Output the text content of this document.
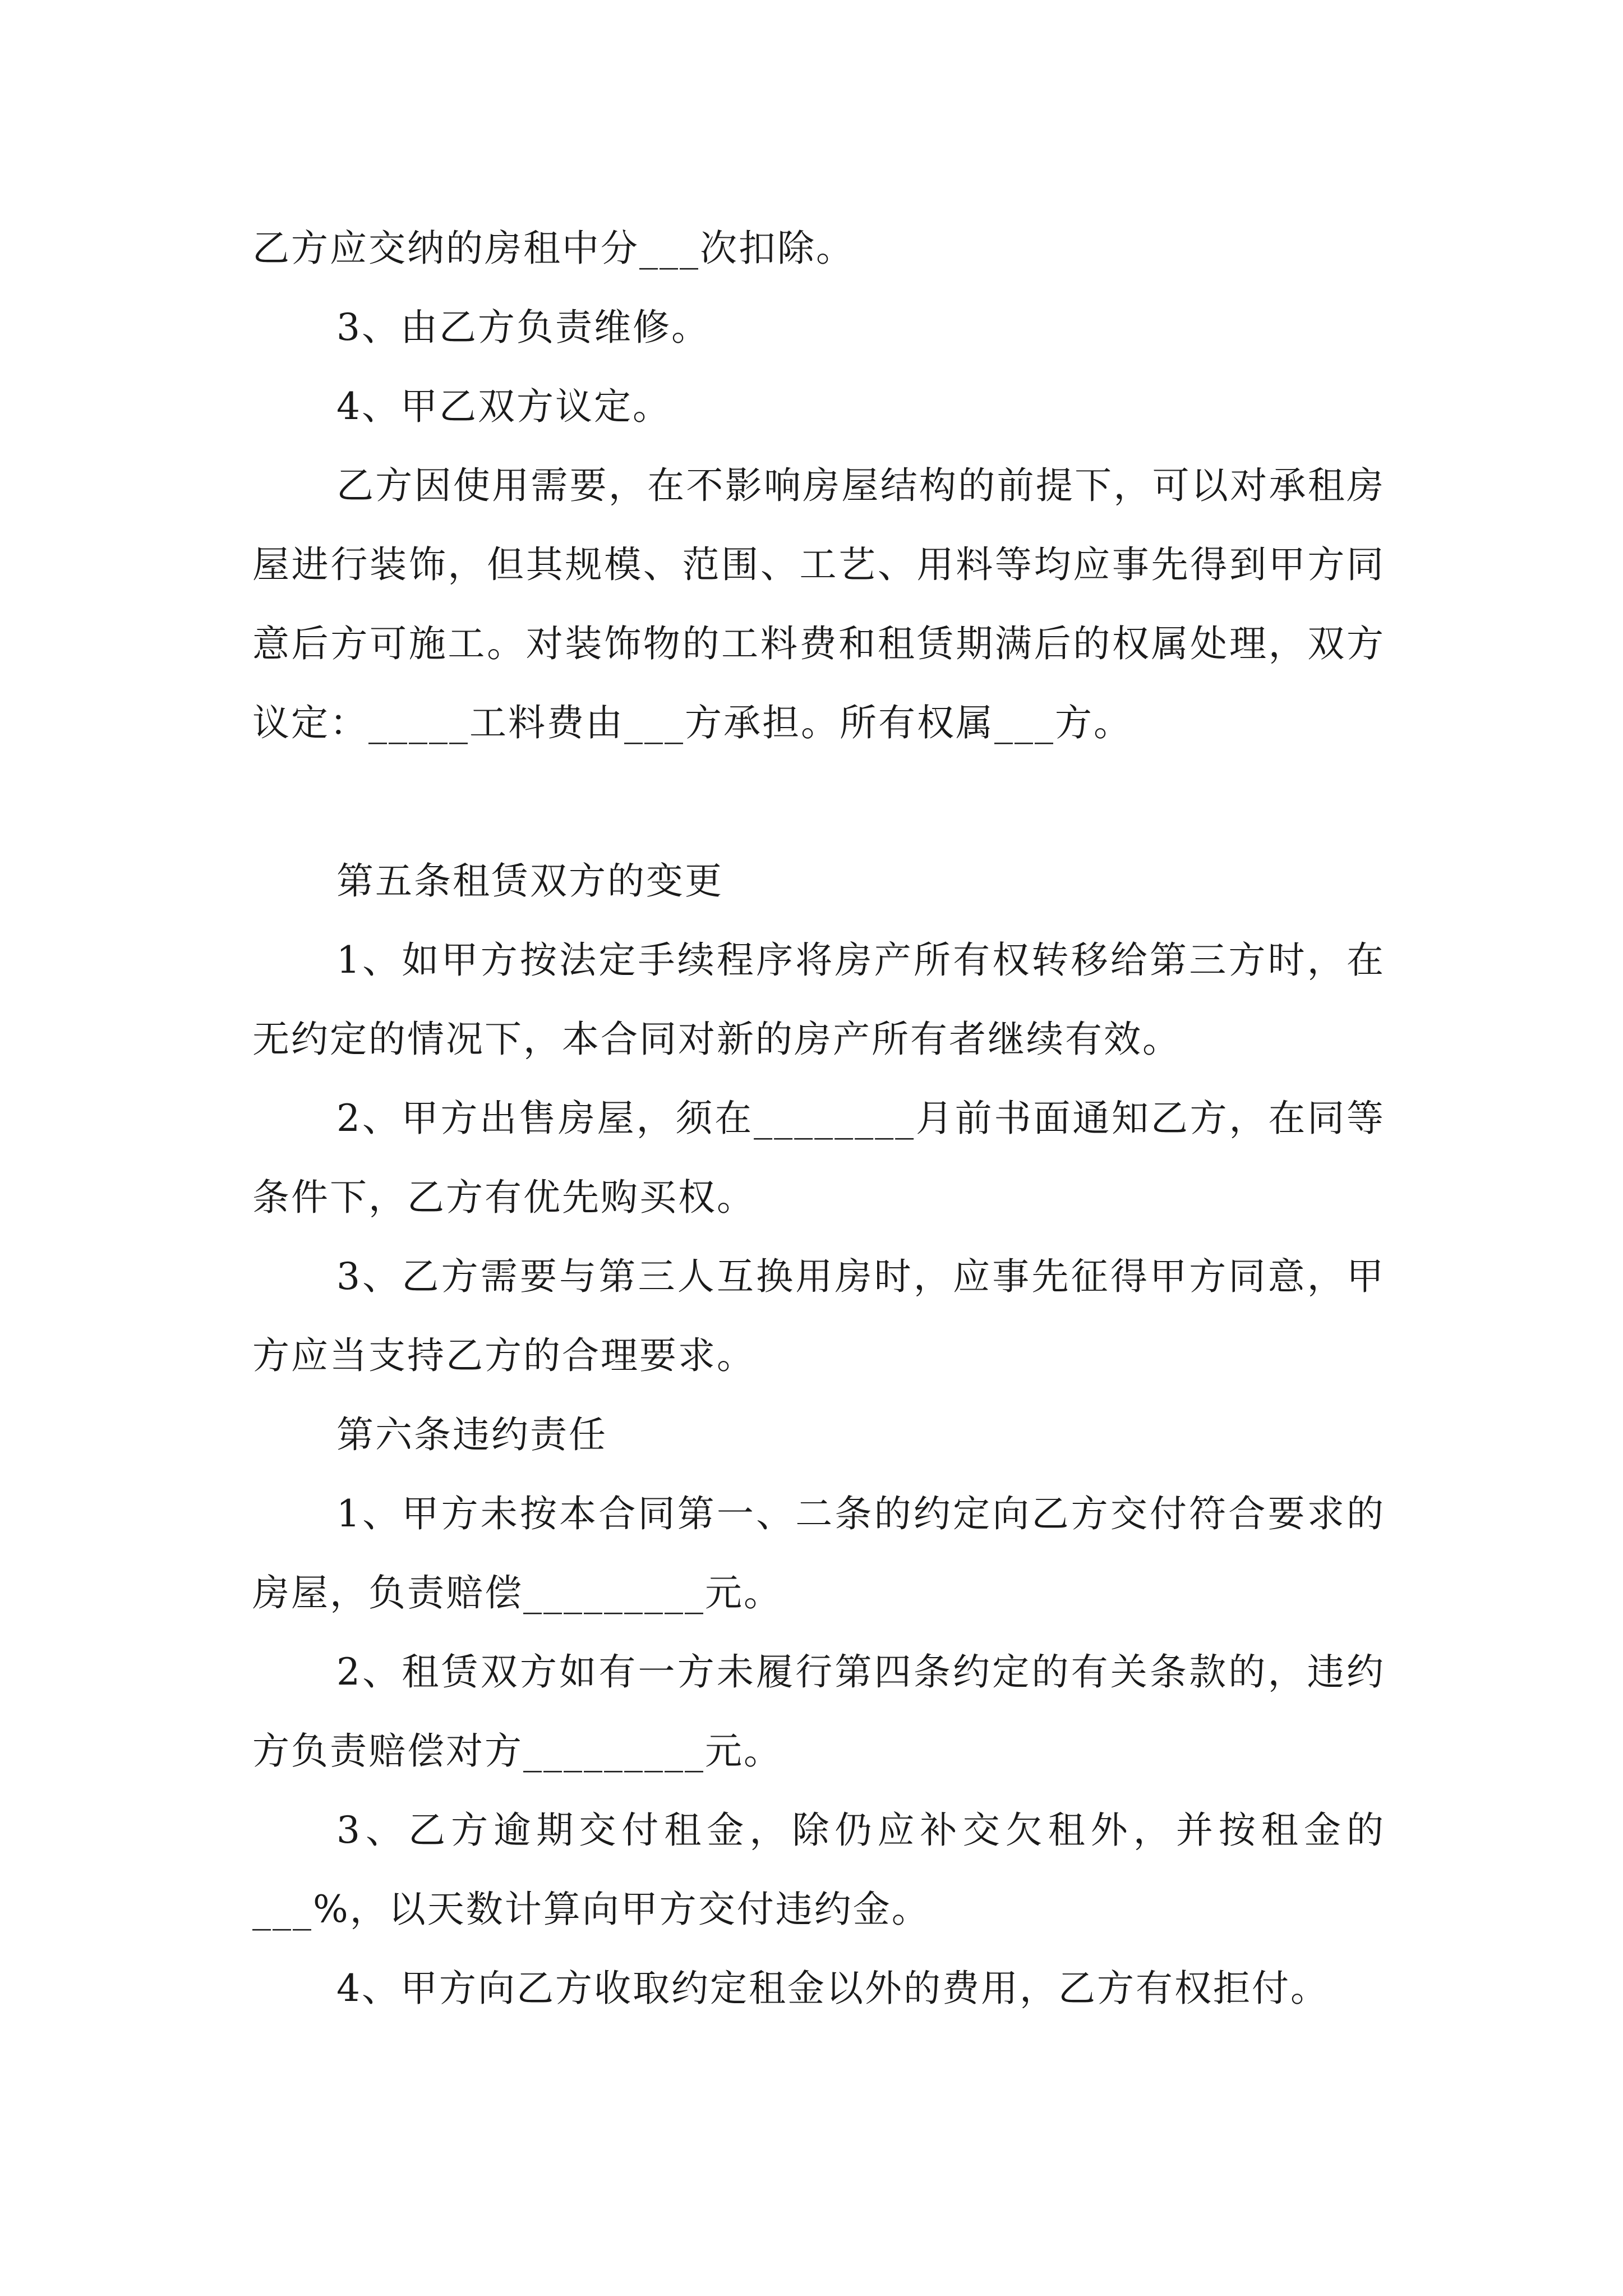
乙方应交纳的房租中分___次扣除。

3、由乙方负责维修。

4、甲乙双方议定。

乙方因使用需要，在不影响房屋结构的前提下，可以对承租房屋进行装饰，但其规模、范围、工艺、用料等均应事先得到甲方同意后方可施工。对装饰物的工料费和租赁期满后的权属处理，双方议定：_____工料费由___方承担。所有权属___方。

第五条租赁双方的变更

1、如甲方按法定手续程序将房产所有权转移给第三方时，在无约定的情况下，本合同对新的房产所有者继续有效。

2、甲方出售房屋，须在________月前书面通知乙方，在同等条件下，乙方有优先购买权。

3、乙方需要与第三人互换用房时，应事先征得甲方同意，甲方应当支持乙方的合理要求。

第六条违约责任

1、甲方未按本合同第一、二条的约定向乙方交付符合要求的房屋，负责赔偿_________元。

2、租赁双方如有一方未履行第四条约定的有关条款的，违约方负责赔偿对方_________元。

3、乙方逾期交付租金，除仍应补交欠租外，并按租金的___%，以天数计算向甲方交付违约金。

4、甲方向乙方收取约定租金以外的费用，乙方有权拒付。
